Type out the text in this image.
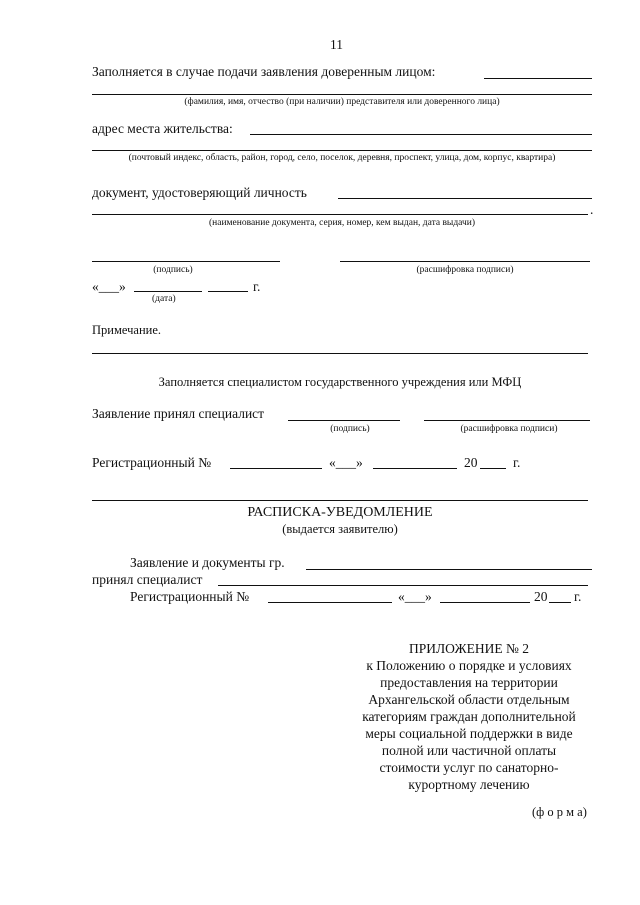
11
Заполняется в случае подачи заявления доверенным лицом:
(фамилия, имя, отчество (при наличии) представителя или доверенного лица)
адрес места жительства:
(почтовый индекс, область, район, город, село, поселок, деревня, проспект, улица, дом, корпус, квартира)
документ, удостоверяющий личность
.
(наименование документа, серия, номер, кем выдан, дата выдачи)
(подпись)	(расшифровка подписи)
«___»	г.
(дата)
Примечание.
Заполняется специалистом государственного учреждения или МФЦ
Заявление принял специалист
(подпись)	(расшифровка подписи)
Регистрационный №	«___»	20	г.
РАСПИСКА-УВЕДОМЛЕНИЕ
(выдается заявителю)
Заявление и документы гр.
принял специалист
Регистрационный №	«___»	20 г.
ПРИЛОЖЕНИЕ № 2
к Положению о порядке и условиях
предоставления на территории
Архангельской области отдельным
категориям граждан дополнительной
меры социальной поддержки в виде
полной или частичной оплаты
стоимости услуг по санаторно-
курортному лечению
(ф о р м а)
